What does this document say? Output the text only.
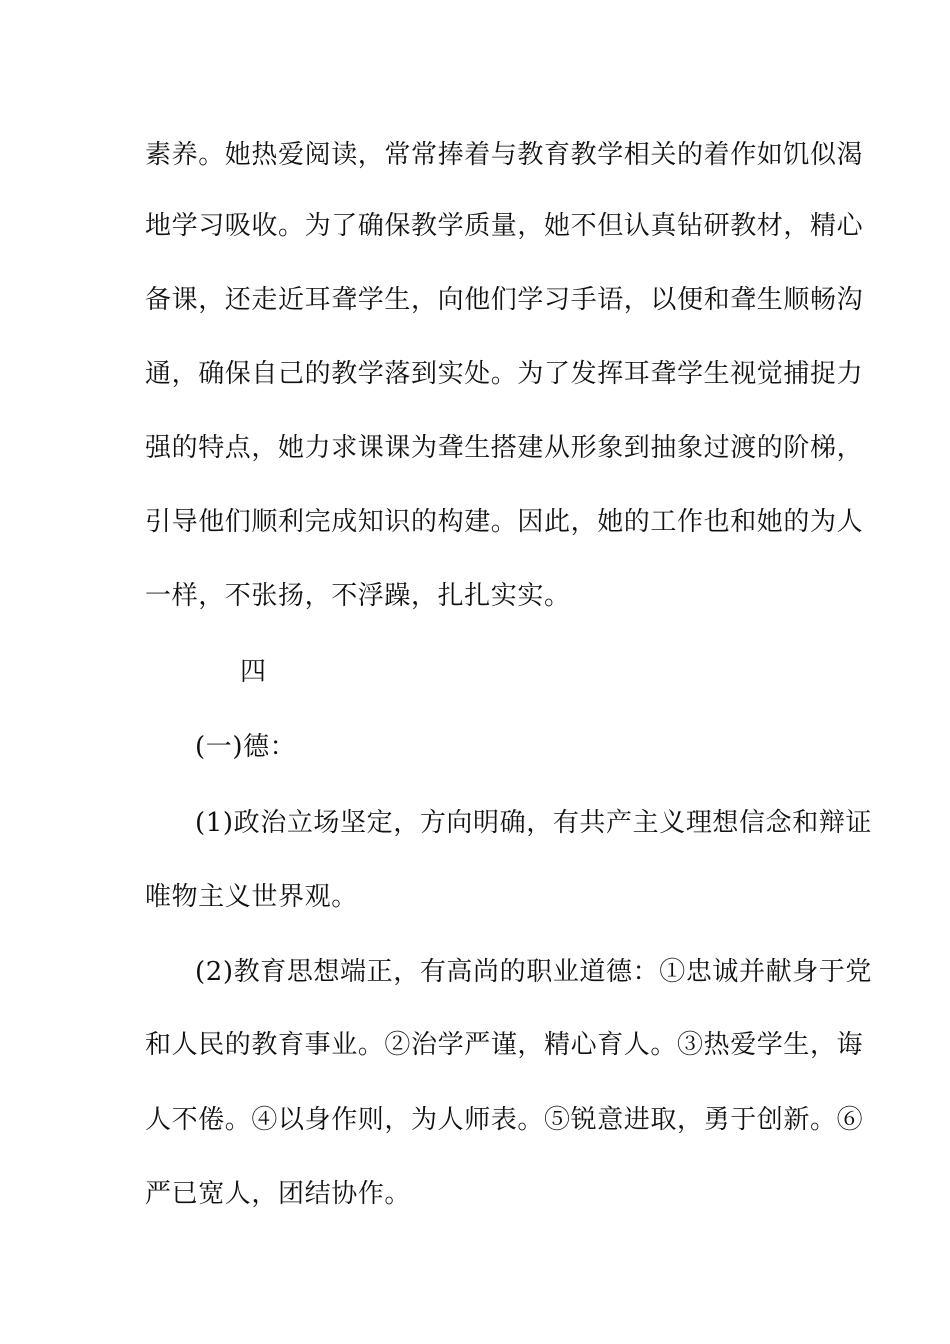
素养。她热爱阅读，常常捧着与教育教学相关的着作如饥似渴
地学习吸收。为了确保教学质量，她不但认真钻研教材，精心
备课，还走近耳聋学生，向他们学习手语，以便和聋生顺畅沟
通，确保自己的教学落到实处。为了发挥耳聋学生视觉捕捉力
强的特点，她力求课课为聋生搭建从形象到抽象过渡的阶梯，
引导他们顺利完成知识的构建。因此，她的工作也和她的为人
一样，不张扬，不浮躁，扎扎实实。
四
(一)德：
(1)政治立场坚定，方向明确，有共产主义理想信念和辩证
唯物主义世界观。
(2)教育思想端正，有高尚的职业道德：①忠诚并献身于党
和人民的教育事业。②治学严谨，精心育人。③热爱学生，诲
人不倦。④以身作则，为人师表。⑤锐意进取，勇于创新。⑥
严已宽人，团结协作。
